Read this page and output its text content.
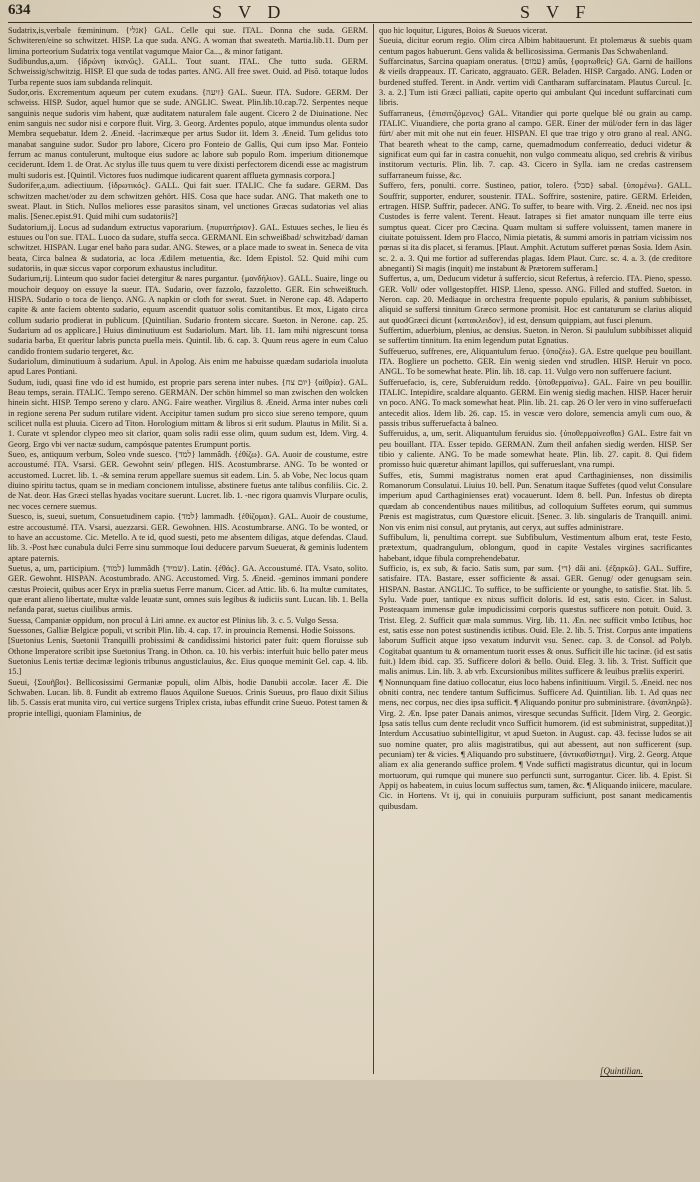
634	S V D	S V F

Sudatrix,is,verbale fœmininum. {אגלי} GAL. Celle qui sue. ITAL. Donna che suda. GERM. Schwiteren/eine so schwitzet. HISP. La que suda. ANG. A woman that sweateth. Martia.lib.11. Dum per limina porteorium Sudatrix toga ventilat vagumque Maior Ca..., & minor fatigant.

Sudibundus,a,um. {ἱδρώνη ἱκανῶς}. GALL. Tout suant. ITAL. Che tutto suda. GERM. Schweissig/schwitzig. HISP. El que suda de todas partes. ANG. All free swet. Ouid. ad Pisō. totaque ludos Turba repente suos iam subdanda relinquit.

Sudor,oris. Excrementum aqueum per cutem exudans. {זיעה} GAL. Sueur. ITA. Sudore. GERM. Der schweiss. HISP. Sudor, aquel humor que se sude. ANGLIC. Sweat. Plin.lib.10.cap.72. Serpentes neque sanguinis neque sudoris vim habent, quæ auditatem naturalem fale augent. Cicero 2 de Diuinatione. Nec enim sanguis nec sudor nisi e corpore fluit. Virg. 3. Georg. Ardentes populo, atque immundus olenta sudor Membra sequebatur. Idem 2. Æneid. -lacrimæque per artus Sudor iit. Idem 3. Æneid. Tum gelidus toto manabat sanguine sudor. Sudor pro labore, Cicero pro Fonteio de Gallis, Qui cum ipso Mar. Fonteio ferrum ac manus contulerunt, multoque eius sudore ac labore sub populo Rom. imperium ditionemque ceciderunt. Idem 1. de Orat. Ac stylus ille tuus quem tu vere dixisti perfectorem dicendi esse ac magistrum multi sudoris est. [Quintil. Victores fuos nudimque iudicarent quarent afflueta gymnasis corpora.]

Sudorifer,a,um. adiectiuum. {ἱδρωτικός}. GALL. Qui fait suer. ITALIC. Che fa sudare. GERM. Das schwitzen machet/oder zu dem schwitzen gehört. HIS. Cosa que hace sudar. ANG. That maketh one to sweat. Plaut. in Stich. Nullos meliores esse parasitos sinam, vel unctiones Græcas sudatorias vel alias malis. [Senec.epist.91. Quid mihi cum sudatoriis?]

Sudatorium,ij. Locus ad sudandum extructus vaporarium. {πυριατήριον}. GAL. Estuues seches, le lieu és estuues ou l'on sue. ITAL. Luoco da sudare, stuffa secca. GERMANI. Ein schweißbad/ schwitzbad/ daman schwitzet. HISPAN. Lugar enel baño para sudar. ANG. Stewes, or a place made to sweat in. Seneca de vita beata, Circa balnea & sudatoria, ac loca Ædilem metuentia, &c. Idem Epistol. 52. Quid mihi cum sudatoriis, in quæ siccus vapor corporum exhaustus includitur.

Sudarium,rij. Linteum quo sudor faciei detergitur & nares purgantur. {μανδήλιον}. GALL. Suaire, linge ou mouchoir dequoy on essuye la sueur. ITA. Sudario, over fazzolo, fazzoletto. GER. Ein schweißtuch. HISPA. Sudario o toca de lienço. ANG. A napkin or cloth for sweat. Suet. in Nerone cap. 48. Adaperto capite & ante faciem obtento sudario, equum ascendit quatuor solis comitantibus. Et mox, Ligato circa collum sudario prodierat in publicum. [Quintilian. Sudario frontem siccare. Sueton. in Nerone. cap. 25. Sudarium ad os applicare.] Huius diminutiuum est Sudariolum. Mart. lib. 11. Iam mihi nigrescunt tonsa sudaria barba, Et queritur labris puncta puella meis. Quintil. lib. 6. cap. 3. Quum reus agere in eum Caluo candido frontem sudario tergeret, &c.

Sudariolum, diminutiuum à sudarium. Apul. in Apolog. Ais enim me habuisse quædam sudariola inuoluta apud Lares Pontiani.

Sudum, iudi, quasi fine vdo id est humido, est proprie pars serena inter nubes. {יום צח} {αἰθρία}. GAL. Beau temps, serain. ITALIC. Tempo sereno. GERMAN. Der schön himmel so man zwischen den wolcken hinein sicht. HISP. Tempo sereno y claro. ANG. Faire weather. Virgilius 8. Æneid. Arma inter nubes cœli in regione serena Per sudum rutilare vident. Accipitur tamen sudum pro sicco siue sereno tempore, quum scilicet nulla est pluuia. Cicero ad Titon. Horologium mittam & libros si erit sudum. Plautus in Milit. Si a. 1. Curate vt splendor clypeo meo sit clarior, quam solis radii esse olim, quum sudum est, Idem. Virg. 4. Georg. Ergo vbi ver nactæ sudum, campósque patentes Erumpunt portis.

Sueo, es, antiquum verbum, Soleo vnde suesco. {למד} lammâdh. {ἐθίζω}. GA. Auoir de coustume, estre accoustumé. ITA. Vsarsi. GER. Gewohnt sein/ pflegen. HIS. Acostumbrarse. ANG. To be wonted or accustomed. Lucret. lib. 1. -& semina rerum appellare suemus sit eadem. Lin. 5. ab Vobe, Nec locus quam diuino spiritu tactus, quam se in mediam concionem intulisse, abstinere fuetus ante talibus confiliis. Cic. 2. de Nat. deor. Has Græci stellas hyadas vocitare suerunt. Lucret. lib. 1. -nec rigora quamvis Vlurpare oculis, nec voces cernere suemus.

Suesco, is, sueui, suetum, Consuetudinem capio. {למד} lammadh. {ἐθίζομαι}. GAL. Auoir de coustume, estre accoustumé. ITA. Vsarsi, auezzarsi. GER. Gewohnen. HIS. Acostumbrarse. ANG. To be wonted, or to have an accustome. Cic. Metello. A te id, quod suesti, peto me absentem diligas, atque defendas. Claud. lib. 3. -Post hæc cunabula dulci Ferre sinu summoque Ioui deducere parvum Sueuerat, & geminis ludentem aptare paternis.

Suetus, a, um, participium. {למוד} lummâdh {שמיד}. Latin. {ἐθάς}. GA. Accoustumé. ITA. Vsato, solito. GER. Gewohnt. HISPAN. Acostumbrado. ANG. Accustomed. Virg. 5. Æneid. -geminos immani pondere cæstus Proiecit, quibus acer Eryx in prælia suetus Ferre manum. Cicer. ad Attic. lib. 6. Ita multæ cumitates, quæ erant alieno libertate, multæ valde leuatæ sunt, omnes suis legibus & iudiciis sunt. Lucan. lib. 1. Bella nefanda parat, suetus ciuilibus armis.

Suessa, Campaniæ oppidum, non procul à Liri amne. ex auctor est Plinius lib. 3. c. 5. Vulgo Sessa.

Suessones, Galliæ Belgicæ populi, vt scribit Plin. lib. 4. cap. 17. in prouincia Remensi. Hodie Soissons.

[Suetonius Lenis, Suetonii Tranquilli probissimi & candidissimi historici pater fuit: quem floruisse sub Othone Imperatore scribit ipse Suetonius Trang. in Othon. ca. 10. his verbis: interfuit huic bello pater meus Suetonius Lenis tertiæ decimæ legionis tribunus angusticlauius, &c. Eius quoque meminit Gel. cap. 4. lib. 15.]

Sueui, {Σουῆβοι}. Bellicosissimi Germaniæ populi, olim Albis, hodie Danubii accolæ. Iacer Æ. Die Schwaben. Lucan. lib. 8. Fundit ab extremo flauos Aquilone Sueuos. Crinis Sueuus, pro flauo dixit Silius lib. 5. Cassis erat munita viro, cui vertice surgens Triplex crista, iubas effundit crine Sueuo. Potest tamen & proprie intelligi, quoniam Flaminius, de

quo hic loquitur, Ligures, Boios & Sueuos vicerat.

Sueuia, dicitur eorum regio. Olim circa Albim habitauerunt. Et ptolemæus & suebis quam centum pagos habuerunt. Gens valida & bellicosissima. Germanis Das Schwabenland.

Suffarcinatus, Sarcina quapiam oneratus. {עמוס} amûs, {φορτωθείς} GA. Garni de haillons & vieils drappeaux. IT. Caricato, aggrauato. GER. Beladen. HISP. Cargado. ANG. Loden or burdened stuffed. Terent. in Andr. vertim vidi Cantharam suffarcinatam. Plautus Curcul. [c. 3. a. 2.] Tum isti Græci palliati, capite operto qui ambulant Qui incedunt suffarcinati cum libris.

Suffarraneus, {ἐπισιτιζόμενος} GAL. Vitandier qui porte quelque blé ou grain au camp. ITALIC. Viuandiere, che porta grano al campo. GER. Einer der mül/oder fern in das läger fürt/ aber mit mit ohe nut ein feuer. HISPAN. El que trae trigo y otro grano al real. ANG. That beareth wheat to the camp, carne, quemadmodum conferreatio, deduci videtur & significat eum qui far in castra conuehit, non vulgo commeatu aliquo, sed crebris & viribus institorum vecturis. Plin. lib. 7. cap. 43. Cicero in Sylla. iam ne credas castrensem suffarraneum fuisse, &c.

Suffero, fers, ponulti. corre. Sustineo, patior, tolero. {סבל} sabal. {ὑπομένω}. GALL. Souffrir, supporter, endurer, soustenir. ITAL. Soffrire, sostenire, patire. GERM. Erleiden, ertragen. HISP. Suffrir, padecer. ANG. To suffer, to beare with. Virg. 2. Æneid. nec nos ipsi Custodes is ferre valent. Terent. Heaut. Iatrapes si fiet amator nunquam ille terre eius sumptus queat. Cicer pro Cæcina. Quam multam si suffere voluissent, tamen manere in ciuitate potuissent. Idem pro Flacco, Nimia pietatis, & summi amoris in patriam vicissim nos pœnas si ita dis placet, si feramus. [Plaut. Amphit. Actutum sufferet pœnas Sosia. Idem Asin. sc. 2. a. 3. Qui me fortior ad sufferendas plagas. Idem Plaut. Curc. sc. 4. a. 3. (de creditore abneganti) Si magis (inquit) me instabunt & Prætorem sufferam.]

Suffertus, a, um, Deducum videtur à suffercio, sicut Refertus, à refercio. ITA. Pieno, spesso. GER. Voll/ oder vollgestopffet. HISP. Lleno, spesso. ANG. Filled and stuffed. Sueton. in Neron. cap. 20. Mediaque in orchestra frequente populo epularis, & panium subbibisset, aliquid se suffersi tinnitum Græco sermone promisit. Hoc est cantaturum se clarius aliquid aut quodGræci dicunt {κατακλειδον}, id est, densum quippiam, aut fusci plenum.

Suffertim, aduerbium, plenius, ac densius. Sueton. in Neron. Si paululum subbibisset aliquid se suffertim tinnitum. Ita enim legendum putat Egnatius.

Suffeueruo, suffrenes, ere, Aliquantulum feruo. {ὑποζέω}. GA. Estre quelque peu bouillant. ITA. Bogliere un pochetto. GER. Ein wenig sieden vnd strudlen. HISP. Heruir vn poco. ANGL. To be somewhat heate. Plin. lib. 18. cap. 11. Vulgo vero non sufferuere faciunt.

Sufferuefacio, is, cere, Subferuidum reddo. {ὑποθερμαίνω}. GAL. Faire vn peu bouillir. ITALIC. Intepidire, scaldare alquanto. GERM. Ein wenig siedig machen. HISP. Hacer heruir vn poco. ANG. To mack somewhat heat. Plin. lib. 21. cap. 26 O ler vero in vino sufferuefacti antecedit alios. Idem lib. 26. cap. 15. in vescæ vero dolore, semencia amyli cum ouo, & passis tribus sufferuefacta à balneo.

Sufferuidus, a, um, serit. Aliquantulum feruidus sio. {ὑποθερμαίνεσθαι} GAL. Estre fait vn peu bouillant. ITA. Esser tepido. GERMAN. Zum theil anfahen siedig werden. HISP. Ser tibio y caliente. ANG. To be made somewhat heate. Plin. lib. 27. capit. 8. Qui fidem promisso huic quæretur ahimant lapillos, qui sufferueslant, vna rumpi.

Suffes, etis, Summi magistratus nomen erat apud Carthaginienses, non dissimilis Romanorum Consulatui. Liuius 10. bell. Pun. Senatum itaque Suffetes (quod velut Consulare imperium apud Carthaginienses erat) vocauerunt. Idem 8. bell. Pun. Infestus ob direpta quædam ab concendentibus naues militibus, ad colloquium Suffetes eorum, qui summus Pœnis est magistratus, cum Quæstore elicuit. [Senec. 3. lib. singularis de Tranquill. animi. Non vis enim nisi consul, aut prytanis, aut ceryx, aut suffes administrare.

Suffibulum, li, penultima corrept. sue Subfibulum, Vestimentum album erat, teste Festo, prætextum, quadrangulum, oblongum, quod in capite Vestales virgines sacrificantes habebant, idque fibula comprehendebatur.

Sufficio, is, ex sub, & facio. Satis sum, par sum. {די} dâi ani. {ἐξαρκῶ}. GAL. Suffire, satisfaire. ITA. Bastare, esser sofficiente & assai. GER. Genug/ oder genugsam sein. HISPAN. Bastar. ANGLIC. To suffice, to be sufficiente or younghe, to satisfie. Stat. lib. 5. Sylu. Vade puer, tantique ex nixus sufficit doloris. Id est, satis esto. Cicer. in Salust. Posteaquam immensæ gulæ impudicissimi corporis quæstus sufficere non potuit. Ouid. 3. Trist. Eleg. 2. Sufficit quæ mala summus. Virg. lib. 11. Æn. nec sufficit vmbo Ictibus, hoc est, satis esse non potest sustinendis ictibus. Ouid. Ele. 2. lib. 5. Trist. Corpus ante impatiens laborum Sufficit atque ipso vexatum indurvit vsu. Senec. cap. 3. de Consol. ad Polyb. Cogitabat quantum tu & ornamentum tuorit esses & onus. Sufficit ille hic tacinæ. (id est satis fuit.) Idem ibid. cap. 35. Sufficere dolori & bello. Ouid. Eleg. 3. lib. 3. Trist. Sufficit que malis animus. Lin. lib. 3. ab vrb. Excursionibus milites sufficere & leuibus præliis experiri.

¶ Nonnunquam fine datiuo collocatur, eius loco habens infinitiuum. Virgil. 5. Æneid. nec nos obniti contra, nec tendere tantum Sufficimus. Sufficere Ad. Quintilian. lib. 1. Ad quas nec mens, nec corpus, nec dies ipsa sufficit. ¶ Aliquando ponitur pro subministrare. {ἀναπληρῶ}. Virg. 2. Æn. Ipse pater Danais animos, viresque secundas Sufficit. [Idem Virg. 2. Georgic. Ipsa satis tellus cum dente recludit vnco Sufficit humorem. (id est subministrat, suppeditat.)] Interdum Accusatiuo subintelligitur, vt apud Sueton. in August. cap. 43. fecisse ludos se ait suo nomine quater, pro aliis magistratibus, qui aut abessent, aut non sufficerent (sup. pecuniam) ter & vicies. ¶ Aliquando pro substituere, {ἀντικαθίστημι}. Virg. 2. Georg. Atque aliam ex alia generando suffice prolem. ¶ Vnde sufficti magistratus dicuntur, qui in locum mortuorum, qui rumque qui munere suo perfuncti sunt, surrogantur. Cicer. lib. 4. Epist. Si Appij os habeatem, in cuius locum suffectus sum, tamen, &c. ¶ Aliquando iniicere, maculare. Cic. in Hortens. Vt ij, qui in conuiuiis purpuram sufficiunt, post sanant medicamentis quibusdam.

[Quintilian.
